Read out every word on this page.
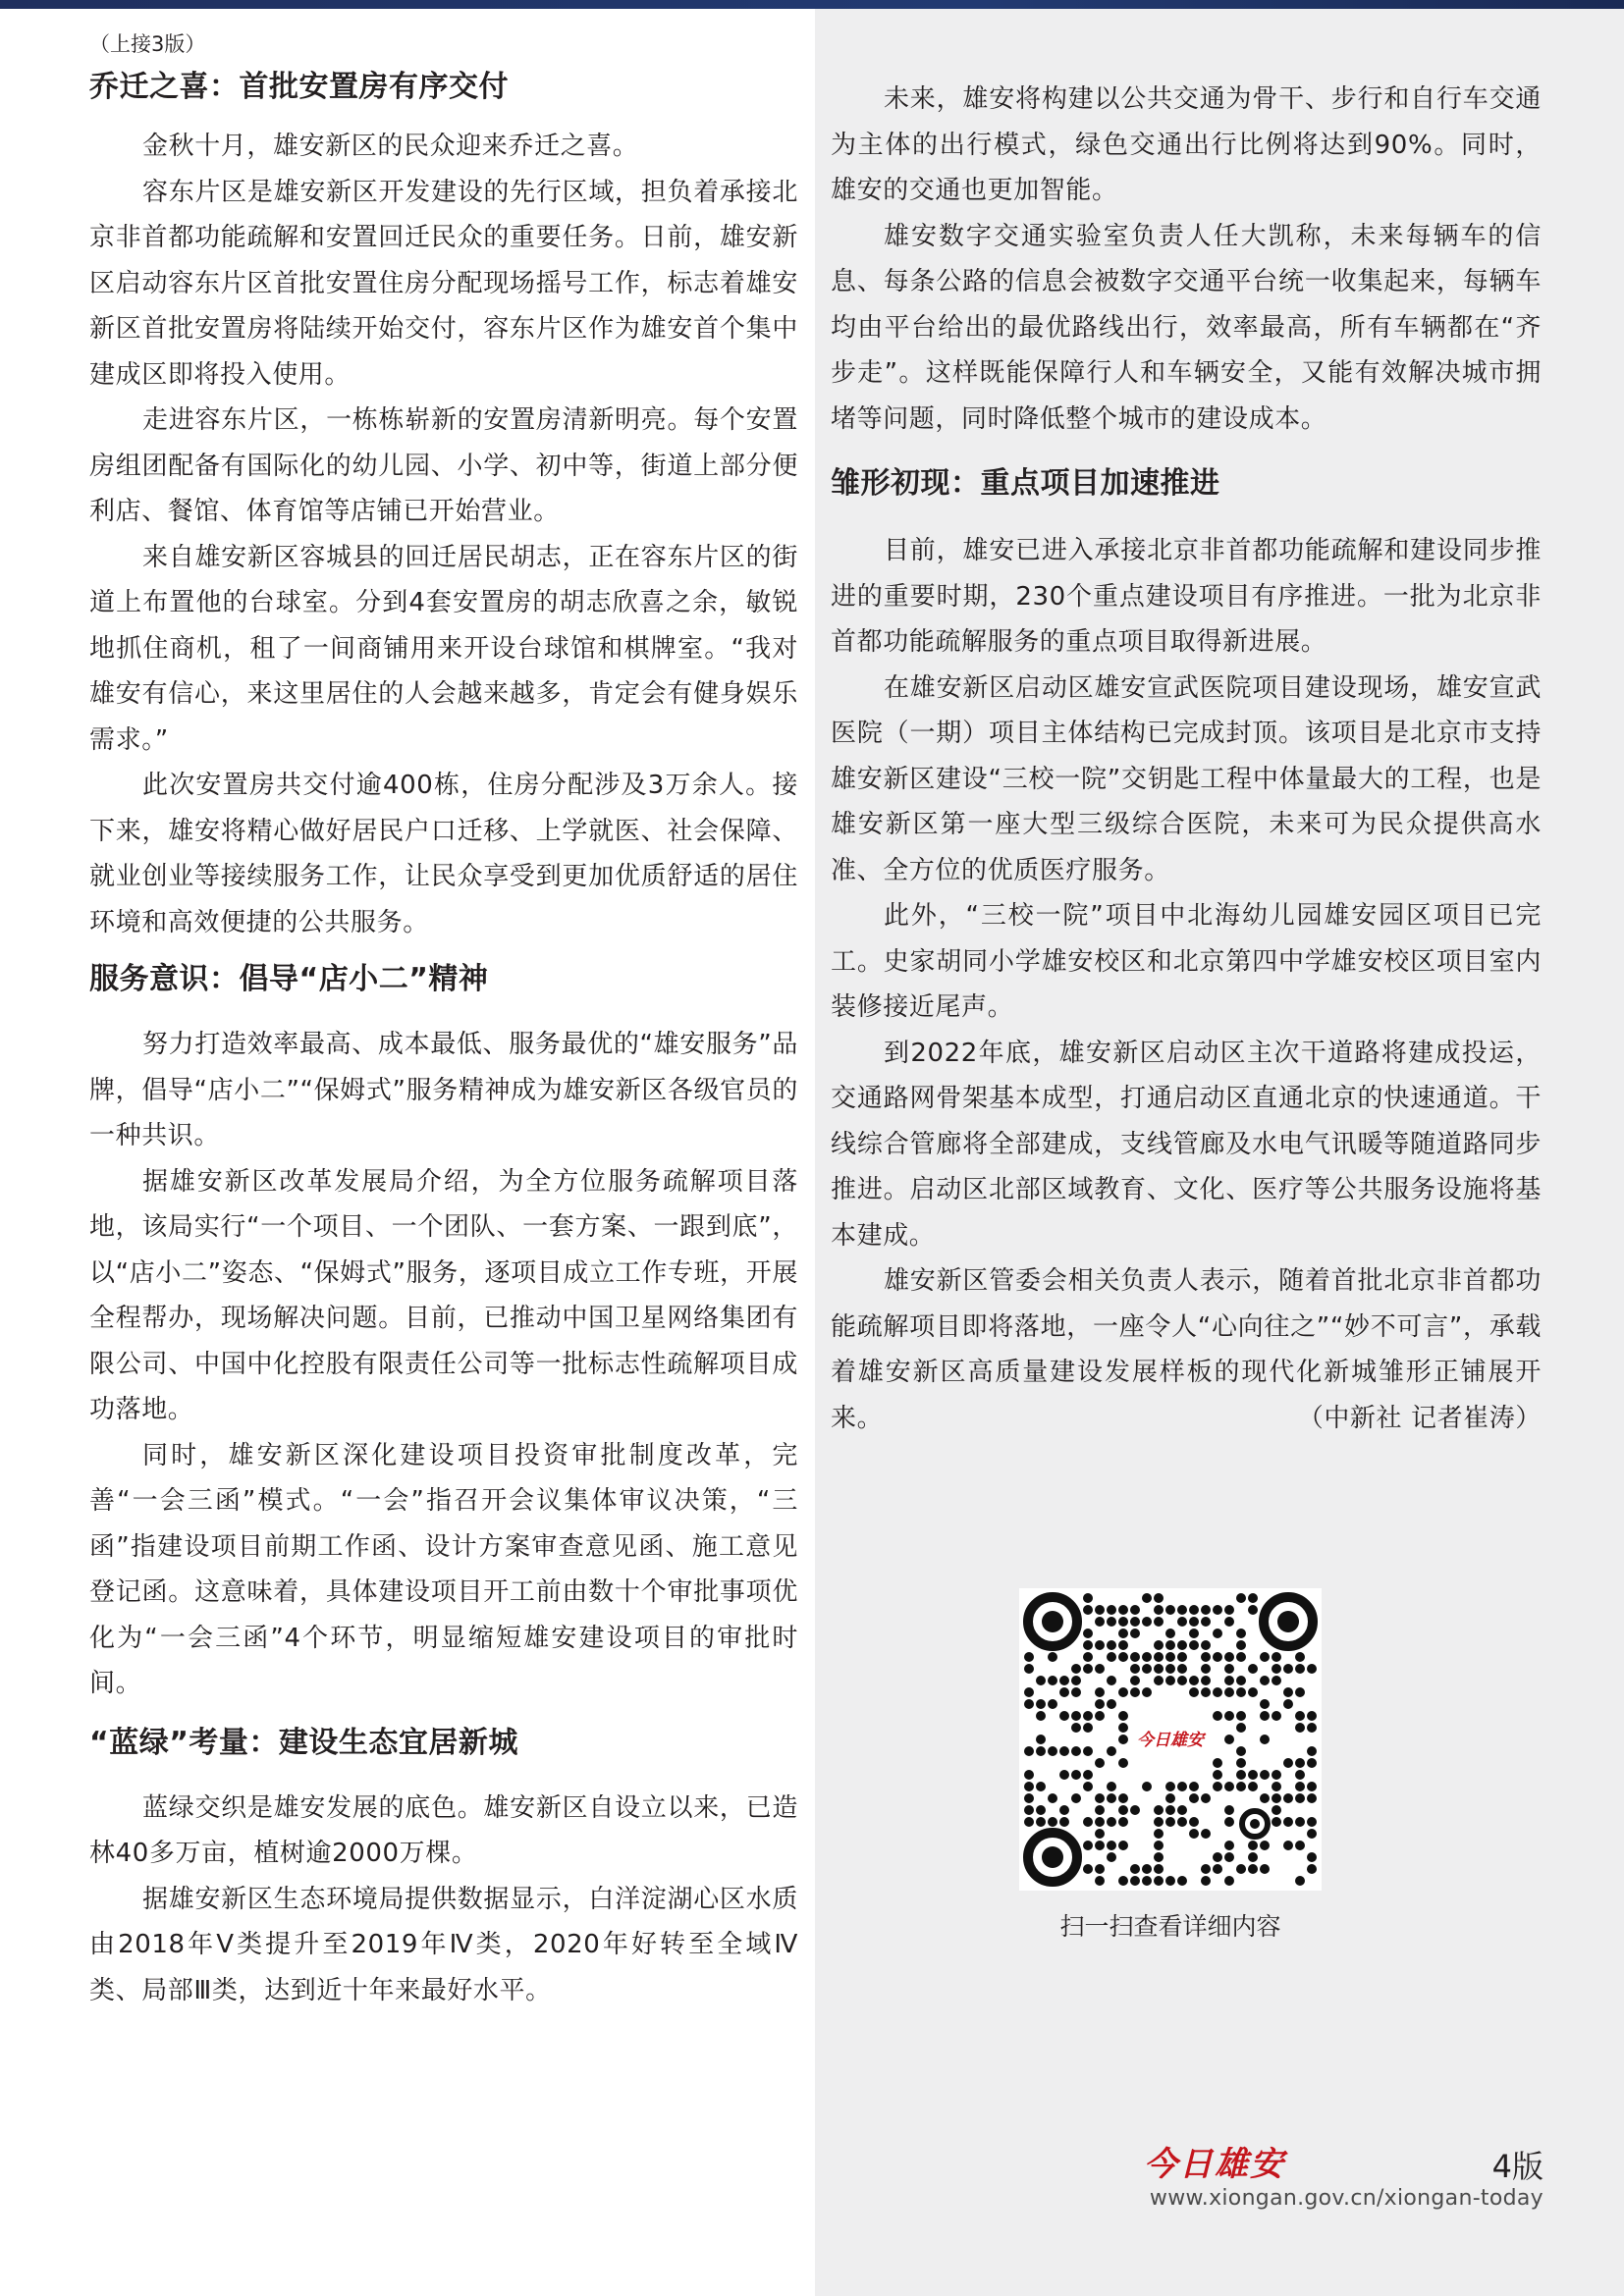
（上接3版）
乔迁之喜：首批安置房有序交付

金秋十月，雄安新区的民众迎来乔迁之喜。

容东片区是雄安新区开发建设的先行区域，担负着承接北京非首都功能疏解和安置回迁民众的重要任务。日前，雄安新区启动容东片区首批安置住房分配现场摇号工作，标志着雄安新区首批安置房将陆续开始交付，容东片区作为雄安首个集中建成区即将投入使用。

走进容东片区，一栋栋崭新的安置房清新明亮。每个安置房组团配备有国际化的幼儿园、小学、初中等，街道上部分便利店、餐馆、体育馆等店铺已开始营业。

来自雄安新区容城县的回迁居民胡志，正在容东片区的街道上布置他的台球室。分到4套安置房的胡志欣喜之余，敏锐地抓住商机，租了一间商铺用来开设台球馆和棋牌室。“我对雄安有信心，来这里居住的人会越来越多，肯定会有健身娱乐需求。”

此次安置房共交付逾400栋，住房分配涉及3万余人。接下来，雄安将精心做好居民户口迁移、上学就医、社会保障、就业创业等接续服务工作，让民众享受到更加优质舒适的居住环境和高效便捷的公共服务。

服务意识：倡导“店小二”精神

努力打造效率最高、成本最低、服务最优的“雄安服务”品牌，倡导“店小二”“保姆式”服务精神成为雄安新区各级官员的一种共识。

据雄安新区改革发展局介绍，为全方位服务疏解项目落地，该局实行“一个项目、一个团队、一套方案、一跟到底”，以“店小二”姿态、“保姆式”服务，逐项目成立工作专班，开展全程帮办，现场解决问题。目前，已推动中国卫星网络集团有限公司、中国中化控股有限责任公司等一批标志性疏解项目成功落地。

同时，雄安新区深化建设项目投资审批制度改革，完善“一会三函”模式。“一会”指召开会议集体审议决策，“三函”指建设项目前期工作函、设计方案审查意见函、施工意见登记函。这意味着，具体建设项目开工前由数十个审批事项优化为“一会三函”4个环节，明显缩短雄安建设项目的审批时间。

“蓝绿”考量：建设生态宜居新城

蓝绿交织是雄安发展的底色。雄安新区自设立以来，已造林40多万亩，植树逾2000万棵。

据雄安新区生态环境局提供数据显示，白洋淀湖心区水质由2018年Ⅴ类提升至2019年Ⅳ类，2020年好转至全域Ⅳ类、局部Ⅲ类，达到近十年来最好水平。

未来，雄安将构建以公共交通为骨干、步行和自行车交通为主体的出行模式，绿色交通出行比例将达到90%。同时，雄安的交通也更加智能。

雄安数字交通实验室负责人任大凯称，未来每辆车的信息、每条公路的信息会被数字交通平台统一收集起来，每辆车均由平台给出的最优路线出行，效率最高，所有车辆都在“齐步走”。这样既能保障行人和车辆安全，又能有效解决城市拥堵等问题，同时降低整个城市的建设成本。

雏形初现：重点项目加速推进

目前，雄安已进入承接北京非首都功能疏解和建设同步推进的重要时期，230个重点建设项目有序推进。一批为北京非首都功能疏解服务的重点项目取得新进展。

在雄安新区启动区雄安宣武医院项目建设现场，雄安宣武医院（一期）项目主体结构已完成封顶。该项目是北京市支持雄安新区建设“三校一院”交钥匙工程中体量最大的工程，也是雄安新区第一座大型三级综合医院，未来可为民众提供高水准、全方位的优质医疗服务。

此外，“三校一院”项目中北海幼儿园雄安园区项目已完工。史家胡同小学雄安校区和北京第四中学雄安校区项目室内装修接近尾声。

到2022年底，雄安新区启动区主次干道路将建成投运，交通路网骨架基本成型，打通启动区直通北京的快速通道。干线综合管廊将全部建成，支线管廊及水电气讯暖等随道路同步推进。启动区北部区域教育、文化、医疗等公共服务设施将基本建成。

雄安新区管委会相关负责人表示，随着首批北京非首都功能疏解项目即将落地，一座令人“心向往之”“妙不可言”，承载着雄安新区高质量建设发展样板的现代化新城雏形正铺展开来。	（中新社 记者崔涛）

今日雄安
扫一扫查看详细内容
今日雄安	4版
www.xiongan.gov.cn/xiongan-today
